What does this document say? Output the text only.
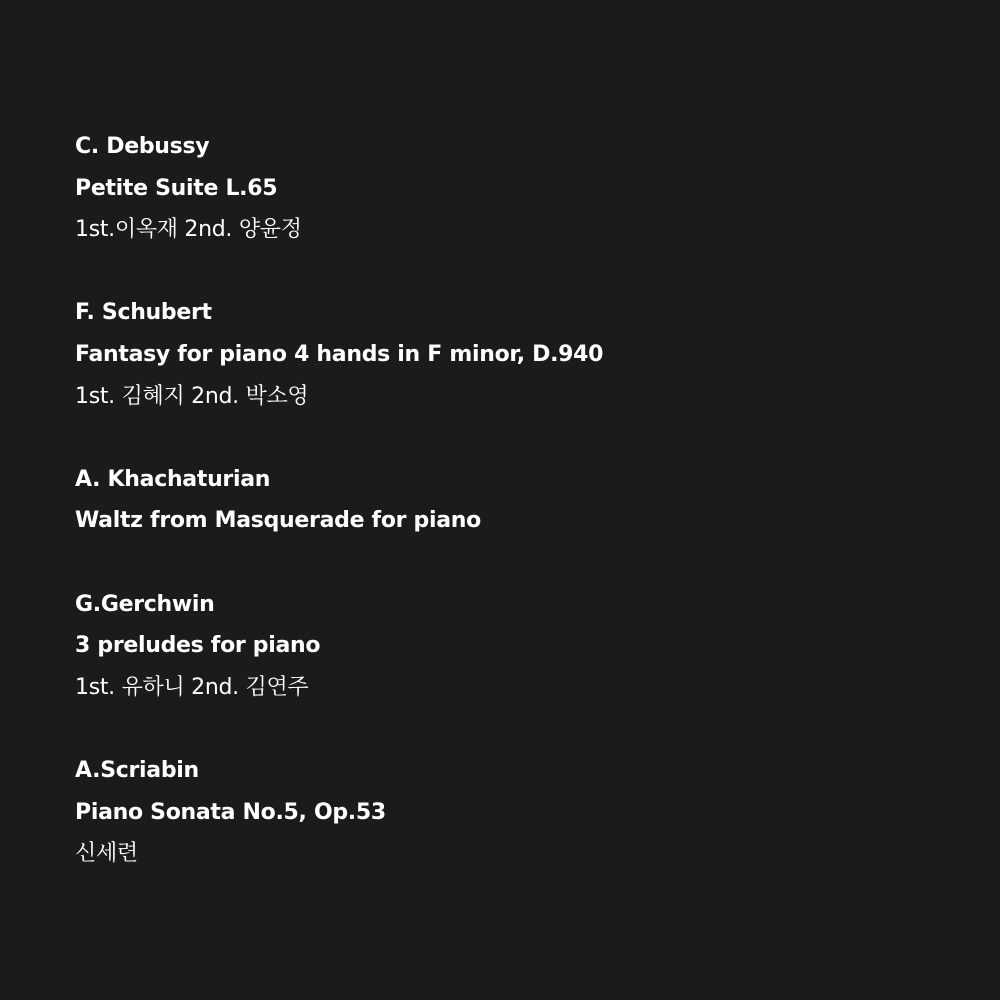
C. Debussy
Petite Suite L.65
1st.이옥재 2nd. 양윤정
F. Schubert
Fantasy for piano 4 hands in F minor, D.940
1st. 김혜지 2nd. 박소영
A. Khachaturian
Waltz from Masquerade for piano
G.Gerchwin
3 preludes for piano
1st. 유하니 2nd. 김연주
A.Scriabin
Piano Sonata No.5, Op.53
신세련
